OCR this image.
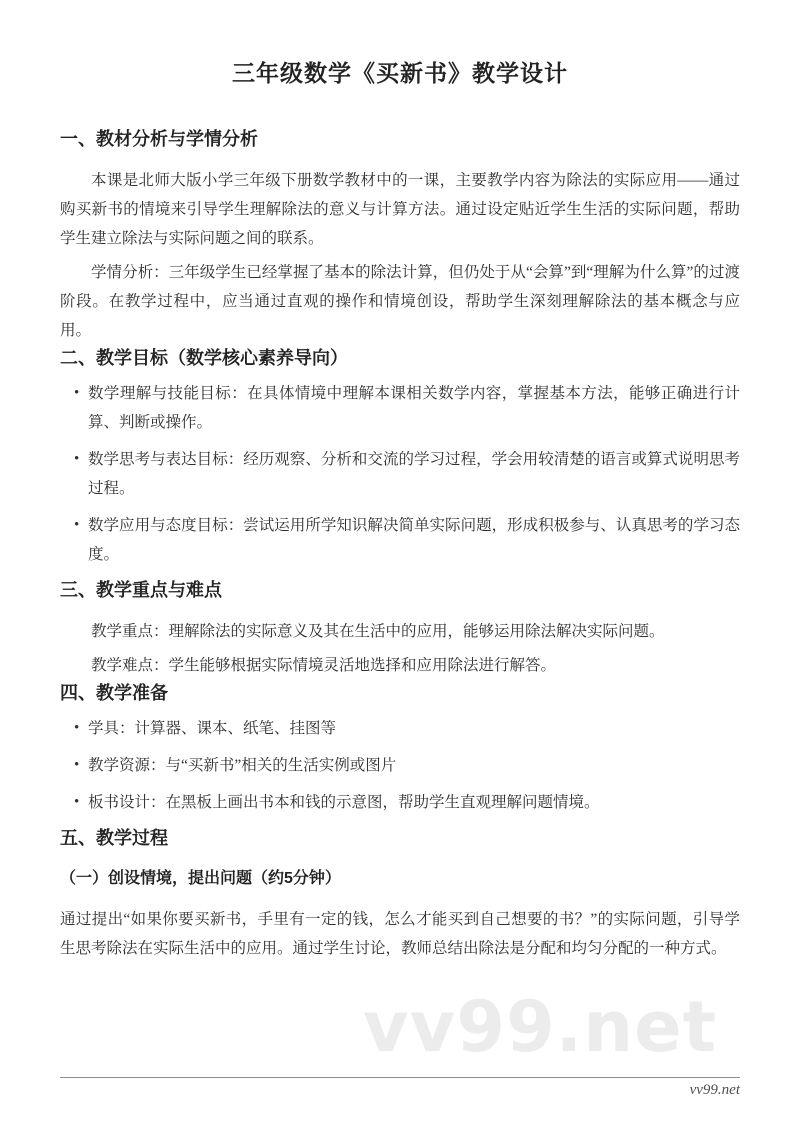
vv99.net
三年级数学《买新书》教学设计
一、教材分析与学情分析

本课是北师大版小学三年级下册数学教材中的一课，主要教学内容为除法的实际应用——通过购买新书的情境来引导学生理解除法的意义与计算方法。通过设定贴近学生生活的实际问题，帮助学生建立除法与实际问题之间的联系。

学情分析：三年级学生已经掌握了基本的除法计算，但仍处于从“会算”到“理解为什么算”的过渡阶段。在教学过程中，应当通过直观的操作和情境创设，帮助学生深刻理解除法的基本概念与应用。

二、教学目标（数学核心素养导向）
• 数学理解与技能目标：在具体情境中理解本课相关数学内容，掌握基本方法，能够正确进行计算、判断或操作。
• 数学思考与表达目标：经历观察、分析和交流的学习过程，学会用较清楚的语言或算式说明思考过程。
• 数学应用与态度目标：尝试运用所学知识解决简单实际问题，形成积极参与、认真思考的学习态度。
三、教学重点与难点

教学重点：理解除法的实际意义及其在生活中的应用，能够运用除法解决实际问题。

教学难点：学生能够根据实际情境灵活地选择和应用除法进行解答。

四、教学准备
• 学具：计算器、课本、纸笔、挂图等
• 教学资源：与“买新书”相关的生活实例或图片
• 板书设计：在黑板上画出书本和钱的示意图，帮助学生直观理解问题情境。
五、教学过程
（一）创设情境，提出问题（约5分钟）

通过提出“如果你要买新书，手里有一定的钱，怎么才能买到自己想要的书？”的实际问题，引导学生思考除法在实际生活中的应用。通过学生讨论，教师总结出除法是分配和均匀分配的一种方式。

vv99.net
